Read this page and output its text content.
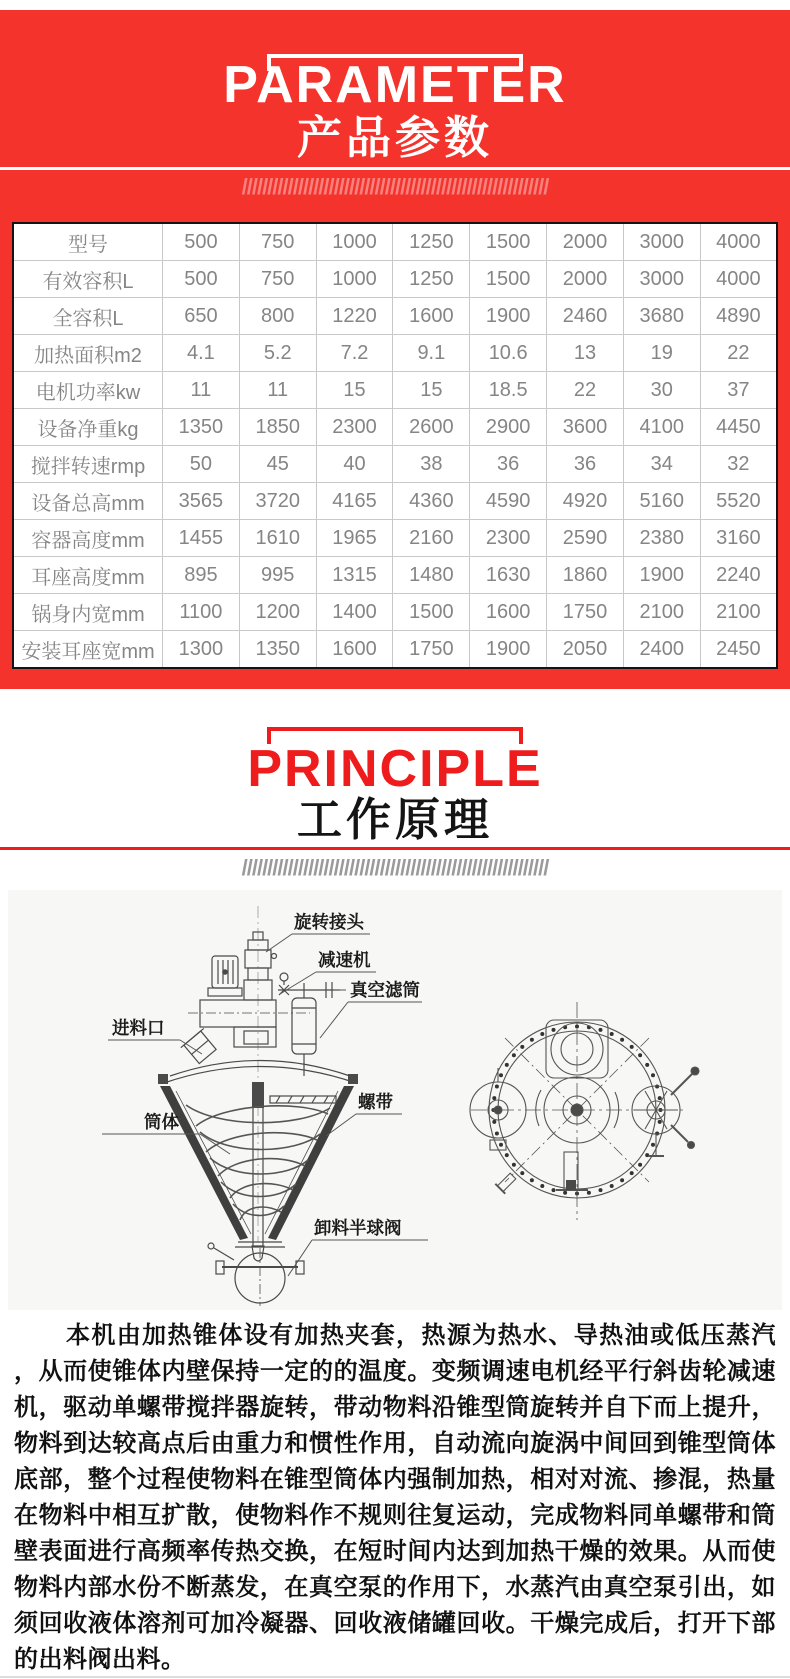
PARAMETER
产品参数
////////////////////////////////////////////////////////////
型号	500	750	1000	1250	1500	2000	3000	4000
有效容积L	500	750	1000	1250	1500	2000	3000	4000
全容积L	650	800	1220	1600	1900	2460	3680	4890
加热面积m2	4.1	5.2	7.2	9.1	10.6	13	19	22
电机功率kw	11	11	15	15	18.5	22	30	37
设备净重kg	1350	1850	2300	2600	2900	3600	4100	4450
搅拌转速rmp	50	45	40	38	36	36	34	32
设备总高mm	3565	3720	4165	4360	4590	4920	5160	5520
容器高度mm	1455	1610	1965	2160	2300	2590	2380	3160
耳座高度mm	895	995	1315	1480	1630	1860	1900	2240
锅身内宽mm	1100	1200	1400	1500	1600	1750	2100	2100
安装耳座宽mm	1300	1350	1600	1750	1900	2050	2400	2450
PRINCIPLE
工作原理
////////////////////////////////////////////////////////////
旋转接头
减速机
真空滤筒
进料口
螺带
筒体
卸料半球阀
本机由加热锥体设有加热夹套，热源为热水、导热油或低压蒸汽，从而使锥体内壁保持一定的的温度。变频调速电机经平行斜齿轮减速机，驱动单螺带搅拌器旋转，带动物料沿锥型筒旋转并自下而上提升，物料到达较高点后由重力和惯性作用，自动流向旋涡中间回到锥型筒体底部，整个过程使物料在锥型筒体内强制加热，相对对流、掺混，热量在物料中相互扩散，使物料作不规则往复运动，完成物料同单螺带和筒壁表面进行高频率传热交换，在短时间内达到加热干燥的效果。从而使物料内部水份不断蒸发，在真空泵的作用下，水蒸汽由真空泵引出，如须回收液体溶剂可加冷凝器、回收液储罐回收。干燥完成后，打开下部的出料阀出料。
